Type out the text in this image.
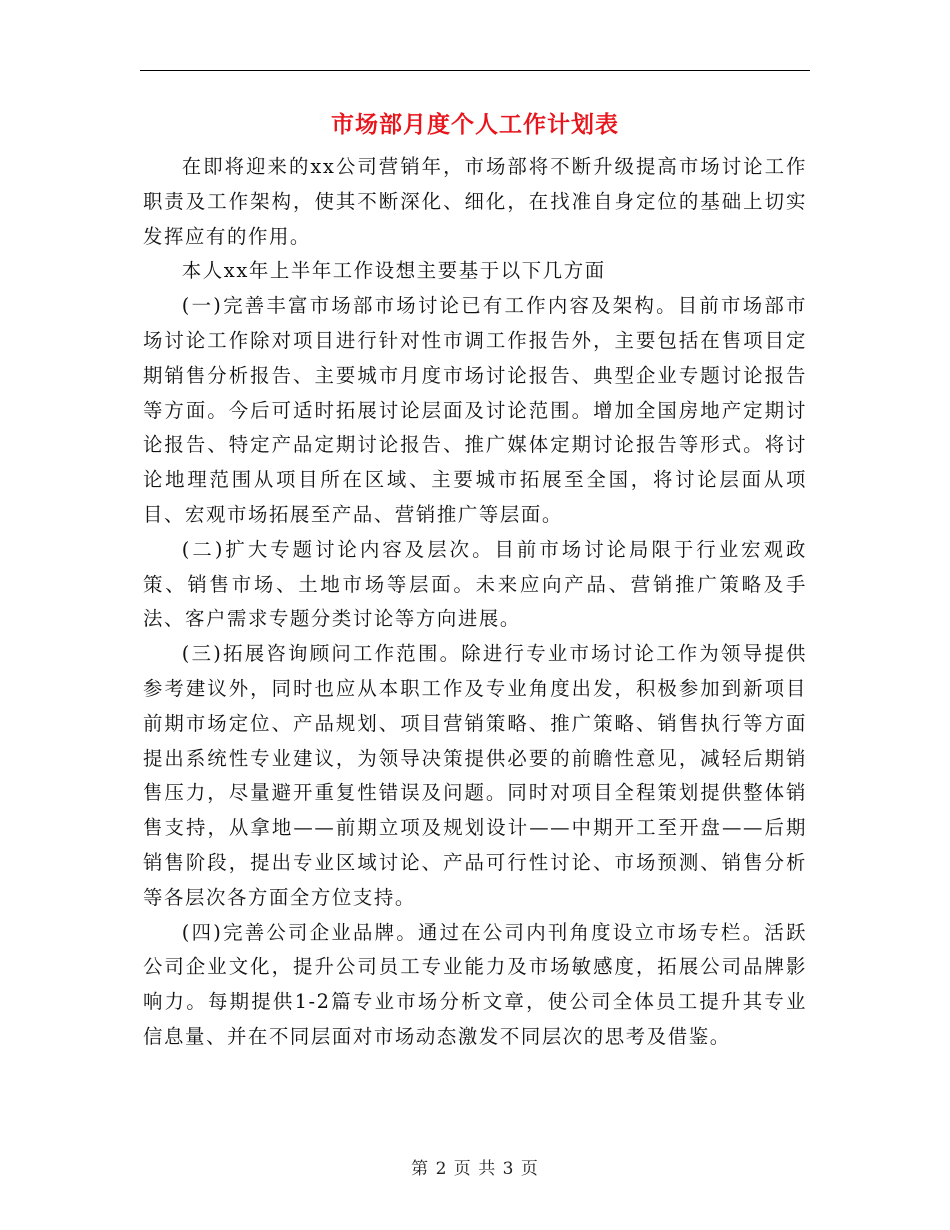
市场部月度个人工作计划表

在即将迎来的xx公司营销年，市场部将不断升级提高市场讨论工作职责及工作架构，使其不断深化、细化，在找准自身定位的基础上切实发挥应有的作用。

本人xx年上半年工作设想主要基于以下几方面

(一)完善丰富市场部市场讨论已有工作内容及架构。目前市场部市场讨论工作除对项目进行针对性市调工作报告外，主要包括在售项目定期销售分析报告、主要城市月度市场讨论报告、典型企业专题讨论报告等方面。今后可适时拓展讨论层面及讨论范围。增加全国房地产定期讨论报告、特定产品定期讨论报告、推广媒体定期讨论报告等形式。将讨论地理范围从项目所在区域、主要城市拓展至全国，将讨论层面从项目、宏观市场拓展至产品、营销推广等层面。

(二)扩大专题讨论内容及层次。目前市场讨论局限于行业宏观政策、销售市场、土地市场等层面。未来应向产品、营销推广策略及手法、客户需求专题分类讨论等方向进展。

(三)拓展咨询顾问工作范围。除进行专业市场讨论工作为领导提供参考建议外，同时也应从本职工作及专业角度出发，积极参加到新项目前期市场定位、产品规划、项目营销策略、推广策略、销售执行等方面提出系统性专业建议，为领导决策提供必要的前瞻性意见，减轻后期销售压力，尽量避开重复性错误及问题。同时对项目全程策划提供整体销售支持，从拿地——前期立项及规划设计——中期开工至开盘——后期销售阶段，提出专业区域讨论、产品可行性讨论、市场预测、销售分析等各层次各方面全方位支持。

(四)完善公司企业品牌。通过在公司内刊角度设立市场专栏。活跃公司企业文化，提升公司员工专业能力及市场敏感度，拓展公司品牌影响力。每期提供1-2篇专业市场分析文章，使公司全体员工提升其专业信息量、并在不同层面对市场动态激发不同层次的思考及借鉴。

第 2 页 共 3 页
